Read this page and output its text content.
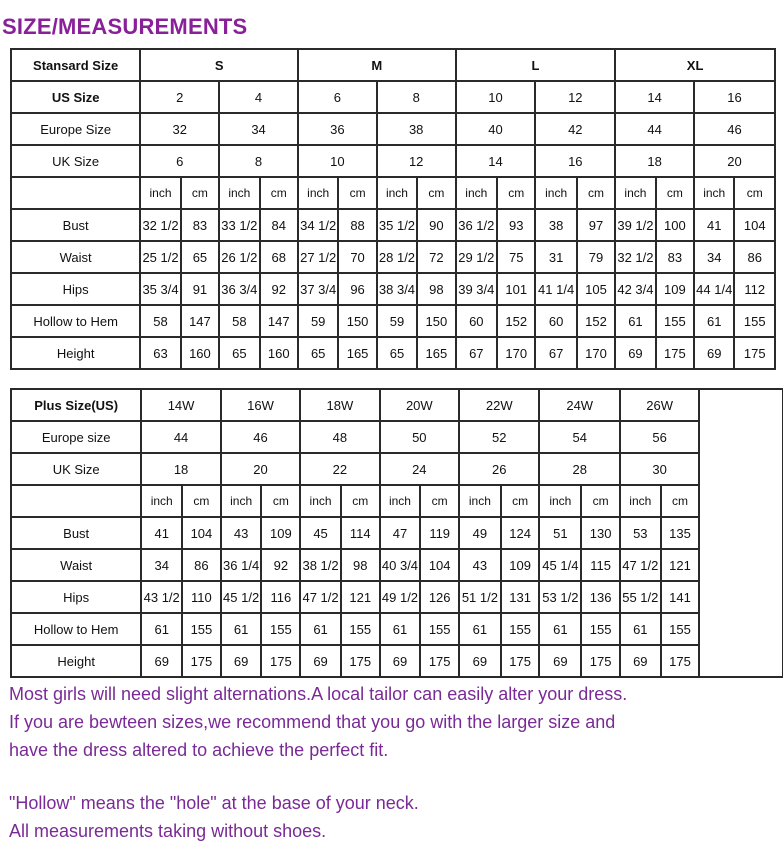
SIZE/MEASUREMENTS
Stansard Size	S				M				L				XL			
US Size	2		4		6		8		10		12		14		16	
Europe Size	32		34		36		38		40		42		44		46	
UK Size	6		8		10		12		14		16		18		20	
	inch	cm	inch	cm	inch	cm	inch	cm	inch	cm	inch	cm	inch	cm	inch	cm
Bust	32 1/2	83	33 1/2	84	34 1/2	88	35 1/2	90	36 1/2	93	38	97	39 1/2	100	41	104
Waist	25 1/2	65	26 1/2	68	27 1/2	70	28 1/2	72	29 1/2	75	31	79	32 1/2	83	34	86
Hips	35 3/4	91	36 3/4	92	37 3/4	96	38 3/4	98	39 3/4	101	41 1/4	105	42 3/4	109	44 1/4	112
Hollow to Hem	58	147	58	147	59	150	59	150	60	152	60	152	61	155	61	155
Height	63	160	65	160	65	165	65	165	67	170	67	170	69	175	69	175
Plus Size(US)	14W		16W		18W		20W		22W		24W		26W		
Europe size	44		46		48		50		52		54		56		
UK Size	18		20		22		24		26		28		30		
	inch	cm	inch	cm	inch	cm	inch	cm	inch	cm	inch	cm	inch	cm	
Bust	41	104	43	109	45	114	47	119	49	124	51	130	53	135	
Waist	34	86	36 1/4	92	38 1/2	98	40 3/4	104	43	109	45 1/4	115	47 1/2	121	
Hips	43 1/2	110	45 1/2	116	47 1/2	121	49 1/2	126	51 1/2	131	53 1/2	136	55 1/2	141	
Hollow to Hem	61	155	61	155	61	155	61	155	61	155	61	155	61	155	
Height	69	175	69	175	69	175	69	175	69	175	69	175	69	175	
Most girls will need slight alternations.A local tailor can easily alter your dress.
If you are bewteen sizes,we recommend that you go with the larger size and
have the dress altered to achieve the perfect fit.
"Hollow" means the "hole" at the base of your neck.
All measurements taking without shoes.
